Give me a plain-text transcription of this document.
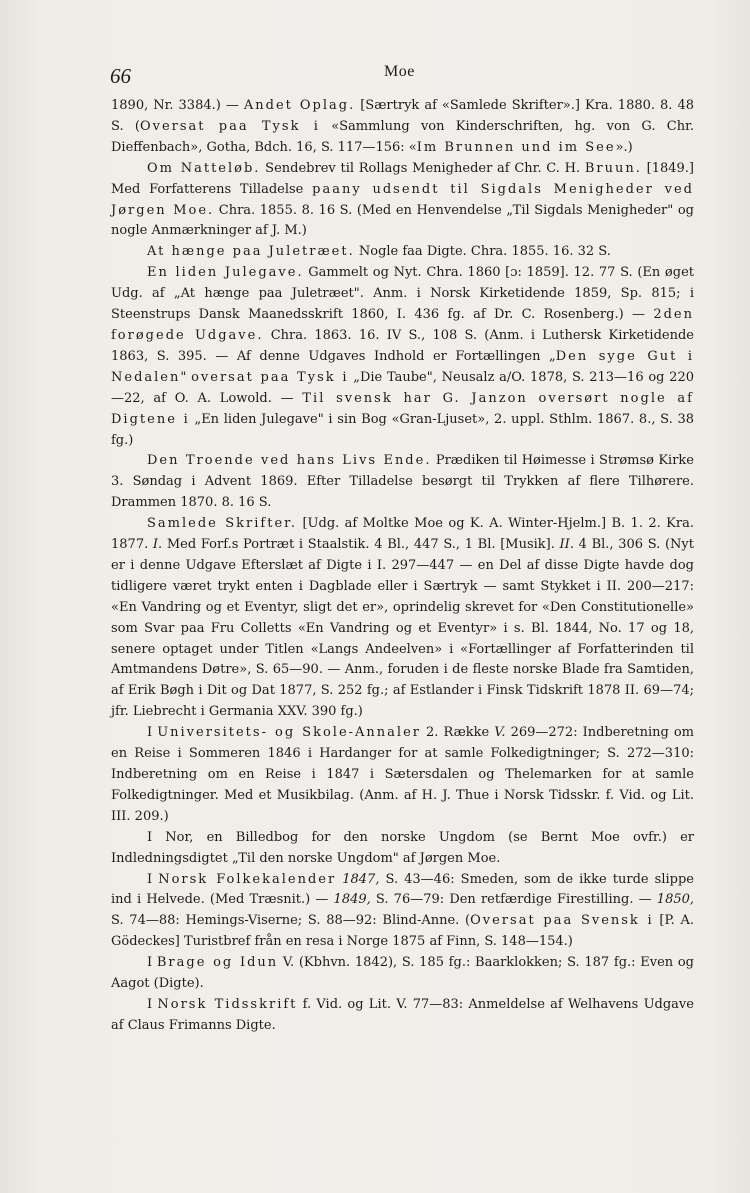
66	Moe

1890, Nr. 3384.) — Andet Oplag. [Særtryk af «Samlede Skrifter».] Kra. 1880. 8. 48 S. (Oversat paa Tysk i «Sammlung von Kinderschriften, hg. von G. Chr. Dieffenbach», Gotha, Bdch. 16, S. 117—156: «Im Brunnen und im See».)

Om Natteløb. Sendebrev til Rollags Menigheder af Chr. C. H. Bruun. [1849.] Med Forfatterens Tilladelse paany udsendt til Sigdals Menigheder ved Jørgen Moe. Chra. 1855. 8. 16 S. (Med en Henvendelse „Til Sigdals Menigheder" og nogle Anmærkninger af J. M.)

At hænge paa Juletræet. Nogle faa Digte. Chra. 1855. 16. 32 S.

En liden Julegave. Gammelt og Nyt. Chra. 1860 [ɔ: 1859]. 12. 77 S. (En øget Udg. af „At hænge paa Juletræet". Anm. i Norsk Kirketidende 1859, Sp. 815; i Steenstrups Dansk Maanedsskrift 1860, I. 436 fg. af Dr. C. Rosenberg.) — 2den forøgede Udgave. Chra. 1863. 16. IV S., 108 S. (Anm. i Luthersk Kirketidende 1863, S. 395. — Af denne Udgaves Indhold er Fortællingen „Den syge Gut i Nedalen" oversat paa Tysk i „Die Taube", Neusalz a/O. 1878, S. 213—16 og 220—22, af O. A. Lowold. — Til svensk har G. Janzon oversørt nogle af Digtene i „En liden Julegave" i sin Bog «Gran-Ljuset», 2. uppl. Sthlm. 1867. 8., S. 38 fg.)

Den Troende ved hans Livs Ende. Prædiken til Høimesse i Strømsø Kirke 3. Søndag i Advent 1869. Efter Tilladelse besørgt til Trykken af flere Tilhørere. Drammen 1870. 8. 16 S.

Samlede Skrifter. [Udg. af Moltke Moe og K. A. Winter-Hjelm.] B. 1. 2. Kra. 1877. I. Med Forf.s Portræt i Staalstik. 4 Bl., 447 S., 1 Bl. [Musik]. II. 4 Bl., 306 S. (Nyt er i denne Udgave Efterslæt af Digte i I. 297—447 — en Del af disse Digte havde dog tidligere været trykt enten i Dagblade eller i Særtryk — samt Stykket i II. 200—217: «En Vandring og et Eventyr, sligt det er», oprindelig skrevet for «Den Constitutionelle» som Svar paa Fru Colletts «En Vandring og et Eventyr» i s. Bl. 1844, No. 17 og 18, senere optaget under Titlen «Langs Andeelven» i «Fortællinger af Forfatterinden til Amtmandens Døtre», S. 65—90. — Anm., foruden i de fleste norske Blade fra Samtiden, af Erik Bøgh i Dit og Dat 1877, S. 252 fg.; af Estlander i Finsk Tidskrift 1878 II. 69—74; jfr. Liebrecht i Germania XXV. 390 fg.)

I Universitets- og Skole-Annaler 2. Række V. 269—272: Indberetning om en Reise i Sommeren 1846 i Hardanger for at samle Folkedigtninger; S. 272—310: Indberetning om en Reise i 1847 i Sætersdalen og Thelemarken for at samle Folkedigtninger. Med et Musikbilag. (Anm. af H. J. Thue i Norsk Tidsskr. f. Vid. og Lit. III. 209.)

I Nor, en Billedbog for den norske Ungdom (se Bernt Moe ovfr.) er Indledningsdigtet „Til den norske Ungdom" af Jørgen Moe.

I Norsk Folkekalender 1847, S. 43—46: Smeden, som de ikke turde slippe ind i Helvede. (Med Træsnit.) — 1849, S. 76—79: Den retfærdige Firestilling. — 1850, S. 74—88: Hemings-Viserne; S. 88—92: Blind-Anne. (Oversat paa Svensk i [P. A. Gödeckes] Turistbref från en resa i Norge 1875 af Finn, S. 148—154.)

I Brage og Idun V. (Kbhvn. 1842), S. 185 fg.: Baarklokken; S. 187 fg.: Even og Aagot (Digte).

I Norsk Tidsskrift f. Vid. og Lit. V. 77—83: Anmeldelse af Welhavens Udgave af Claus Frimanns Digte.
